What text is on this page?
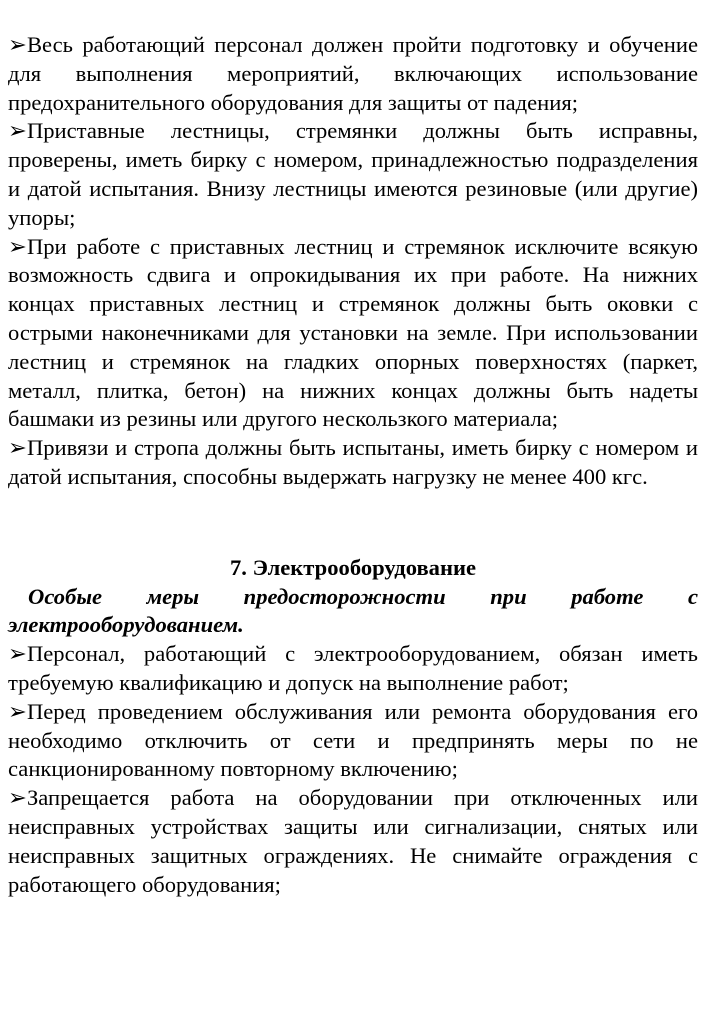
➢Весь работающий персонал должен пройти подготовку и обучение для выполнения мероприятий, включающих использование предохранительного оборудования для защиты от падения;

➢Приставные лестницы, стремянки должны быть исправны, проверены, иметь бирку с номером, принадлежностью подразделения и датой испытания. Внизу лестницы имеются резиновые (или другие) упоры;

➢При работе с приставных лестниц и стремянок исключите всякую возможность сдвига и опрокидывания их при работе. На нижних концах приставных лестниц и стремянок должны быть оковки с острыми наконечниками для установки на земле. При использовании лестниц и стремянок на гладких опорных поверхностях (паркет, металл, плитка, бетон) на нижних концах должны быть надеты башмаки из резины или другого нескользкого материала;

➢Привязи и стропа должны быть испытаны, иметь бирку с номером и датой испытания, способны выдержать нагрузку не менее 400 кгс.

7. Электрооборудование

Особые меры предосторожности при работе с электрооборудованием.

➢Персонал, работающий с электрооборудованием, обязан иметь требуемую квалификацию и допуск на выполнение работ;

➢Перед проведением обслуживания или ремонта оборудования его необходимо отключить от сети и предпринять меры по не санкционированному повторному включению;

➢Запрещается работа на оборудовании при отключенных или неисправных устройствах защиты или сигнализации, снятых или неисправных защитных ограждениях. Не снимайте ограждения с работающего оборудования;
